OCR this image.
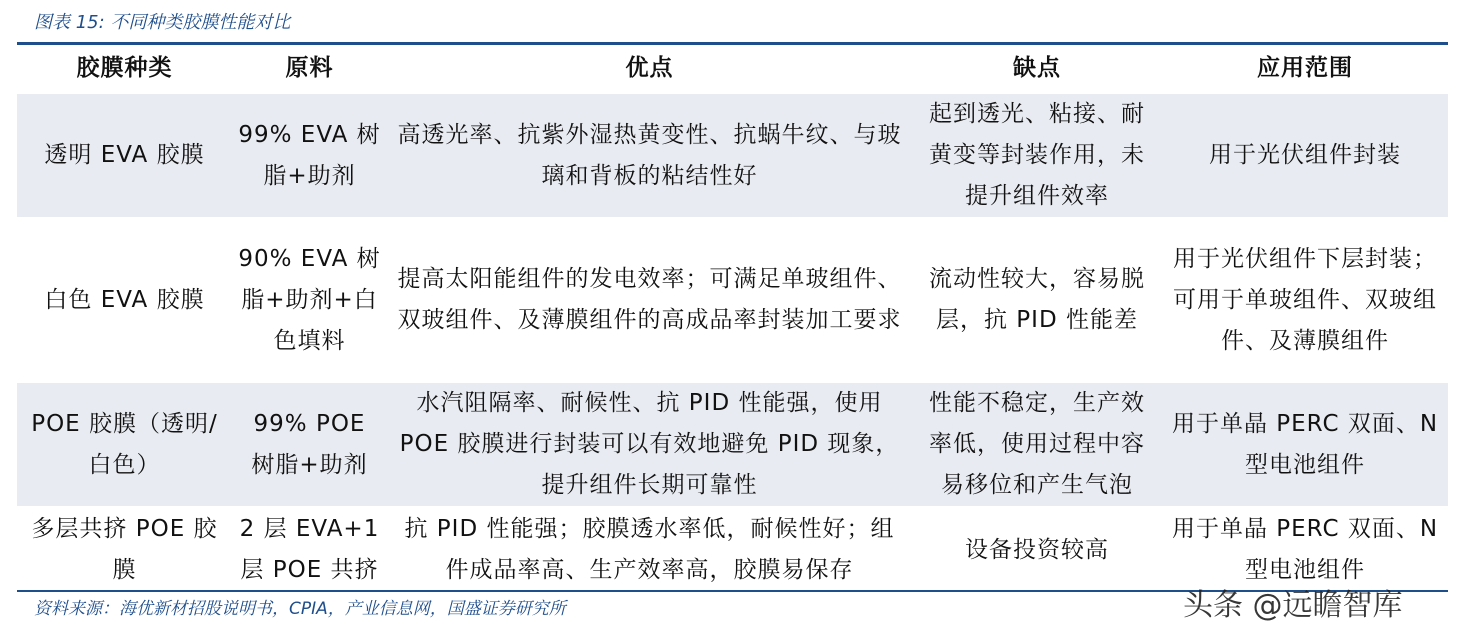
图表 15: 不同种类胶膜性能对比
胶膜种类	原料	优点	缺点	应用范围
透明 EVA 胶膜	99% EVA 树脂+助剂	高透光率、抗紫外湿热黄变性、抗蜗牛纹、与玻璃和背板的粘结性好	起到透光、粘接、耐黄变等封装作用，未提升组件效率	用于光伏组件封装
白色 EVA 胶膜	90% EVA 树脂+助剂+白色填料	提高太阳能组件的发电效率；可满足单玻组件、双玻组件、及薄膜组件的高成品率封装加工要求	流动性较大，容易脱层，抗 PID 性能差	用于光伏组件下层封装；可用于单玻组件、双玻组件、及薄膜组件
POE 胶膜（透明/白色）	99% POE 树脂+助剂	水汽阻隔率、耐候性、抗 PID 性能强，使用 POE 胶膜进行封装可以有效地避免 PID 现象，提升组件长期可靠性	性能不稳定，生产效率低，使用过程中容易移位和产生气泡	用于单晶 PERC 双面、N 型电池组件
多层共挤 POE 胶膜	2 层 EVA+1 层 POE 共挤	抗 PID 性能强；胶膜透水率低，耐候性好；组件成品率高、生产效率高，胶膜易保存	设备投资较高	用于单晶 PERC 双面、N 型电池组件
资料来源：海优新材招股说明书，CPIA，产业信息网，国盛证券研究所	头条 @远瞻智库
